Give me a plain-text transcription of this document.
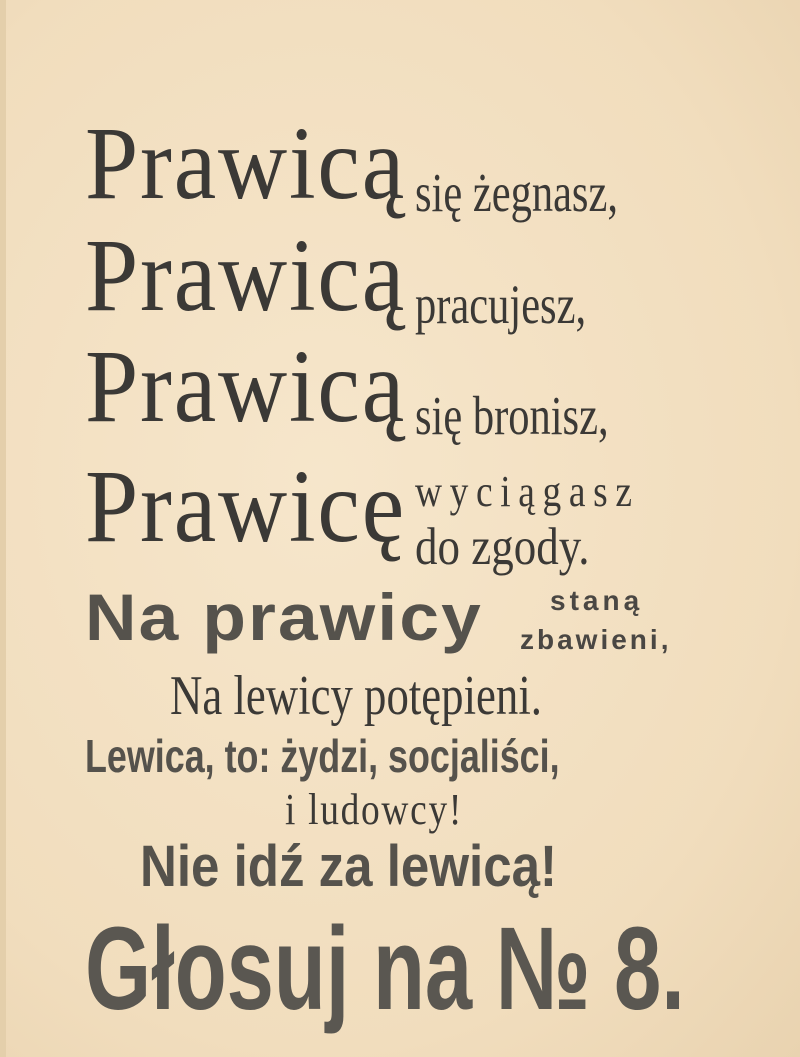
Prawicą się żegnasz,
Prawicą pracujesz,
Prawicą się bronisz,
Prawicę wyciągasz
do zgody.
Na prawicy staną
zbawieni,
Na lewicy potępieni.
Lewica, to: żydzi, socjaliści,
i ludowcy!
Nie idź za lewicą!
Głosuj na № 8.
